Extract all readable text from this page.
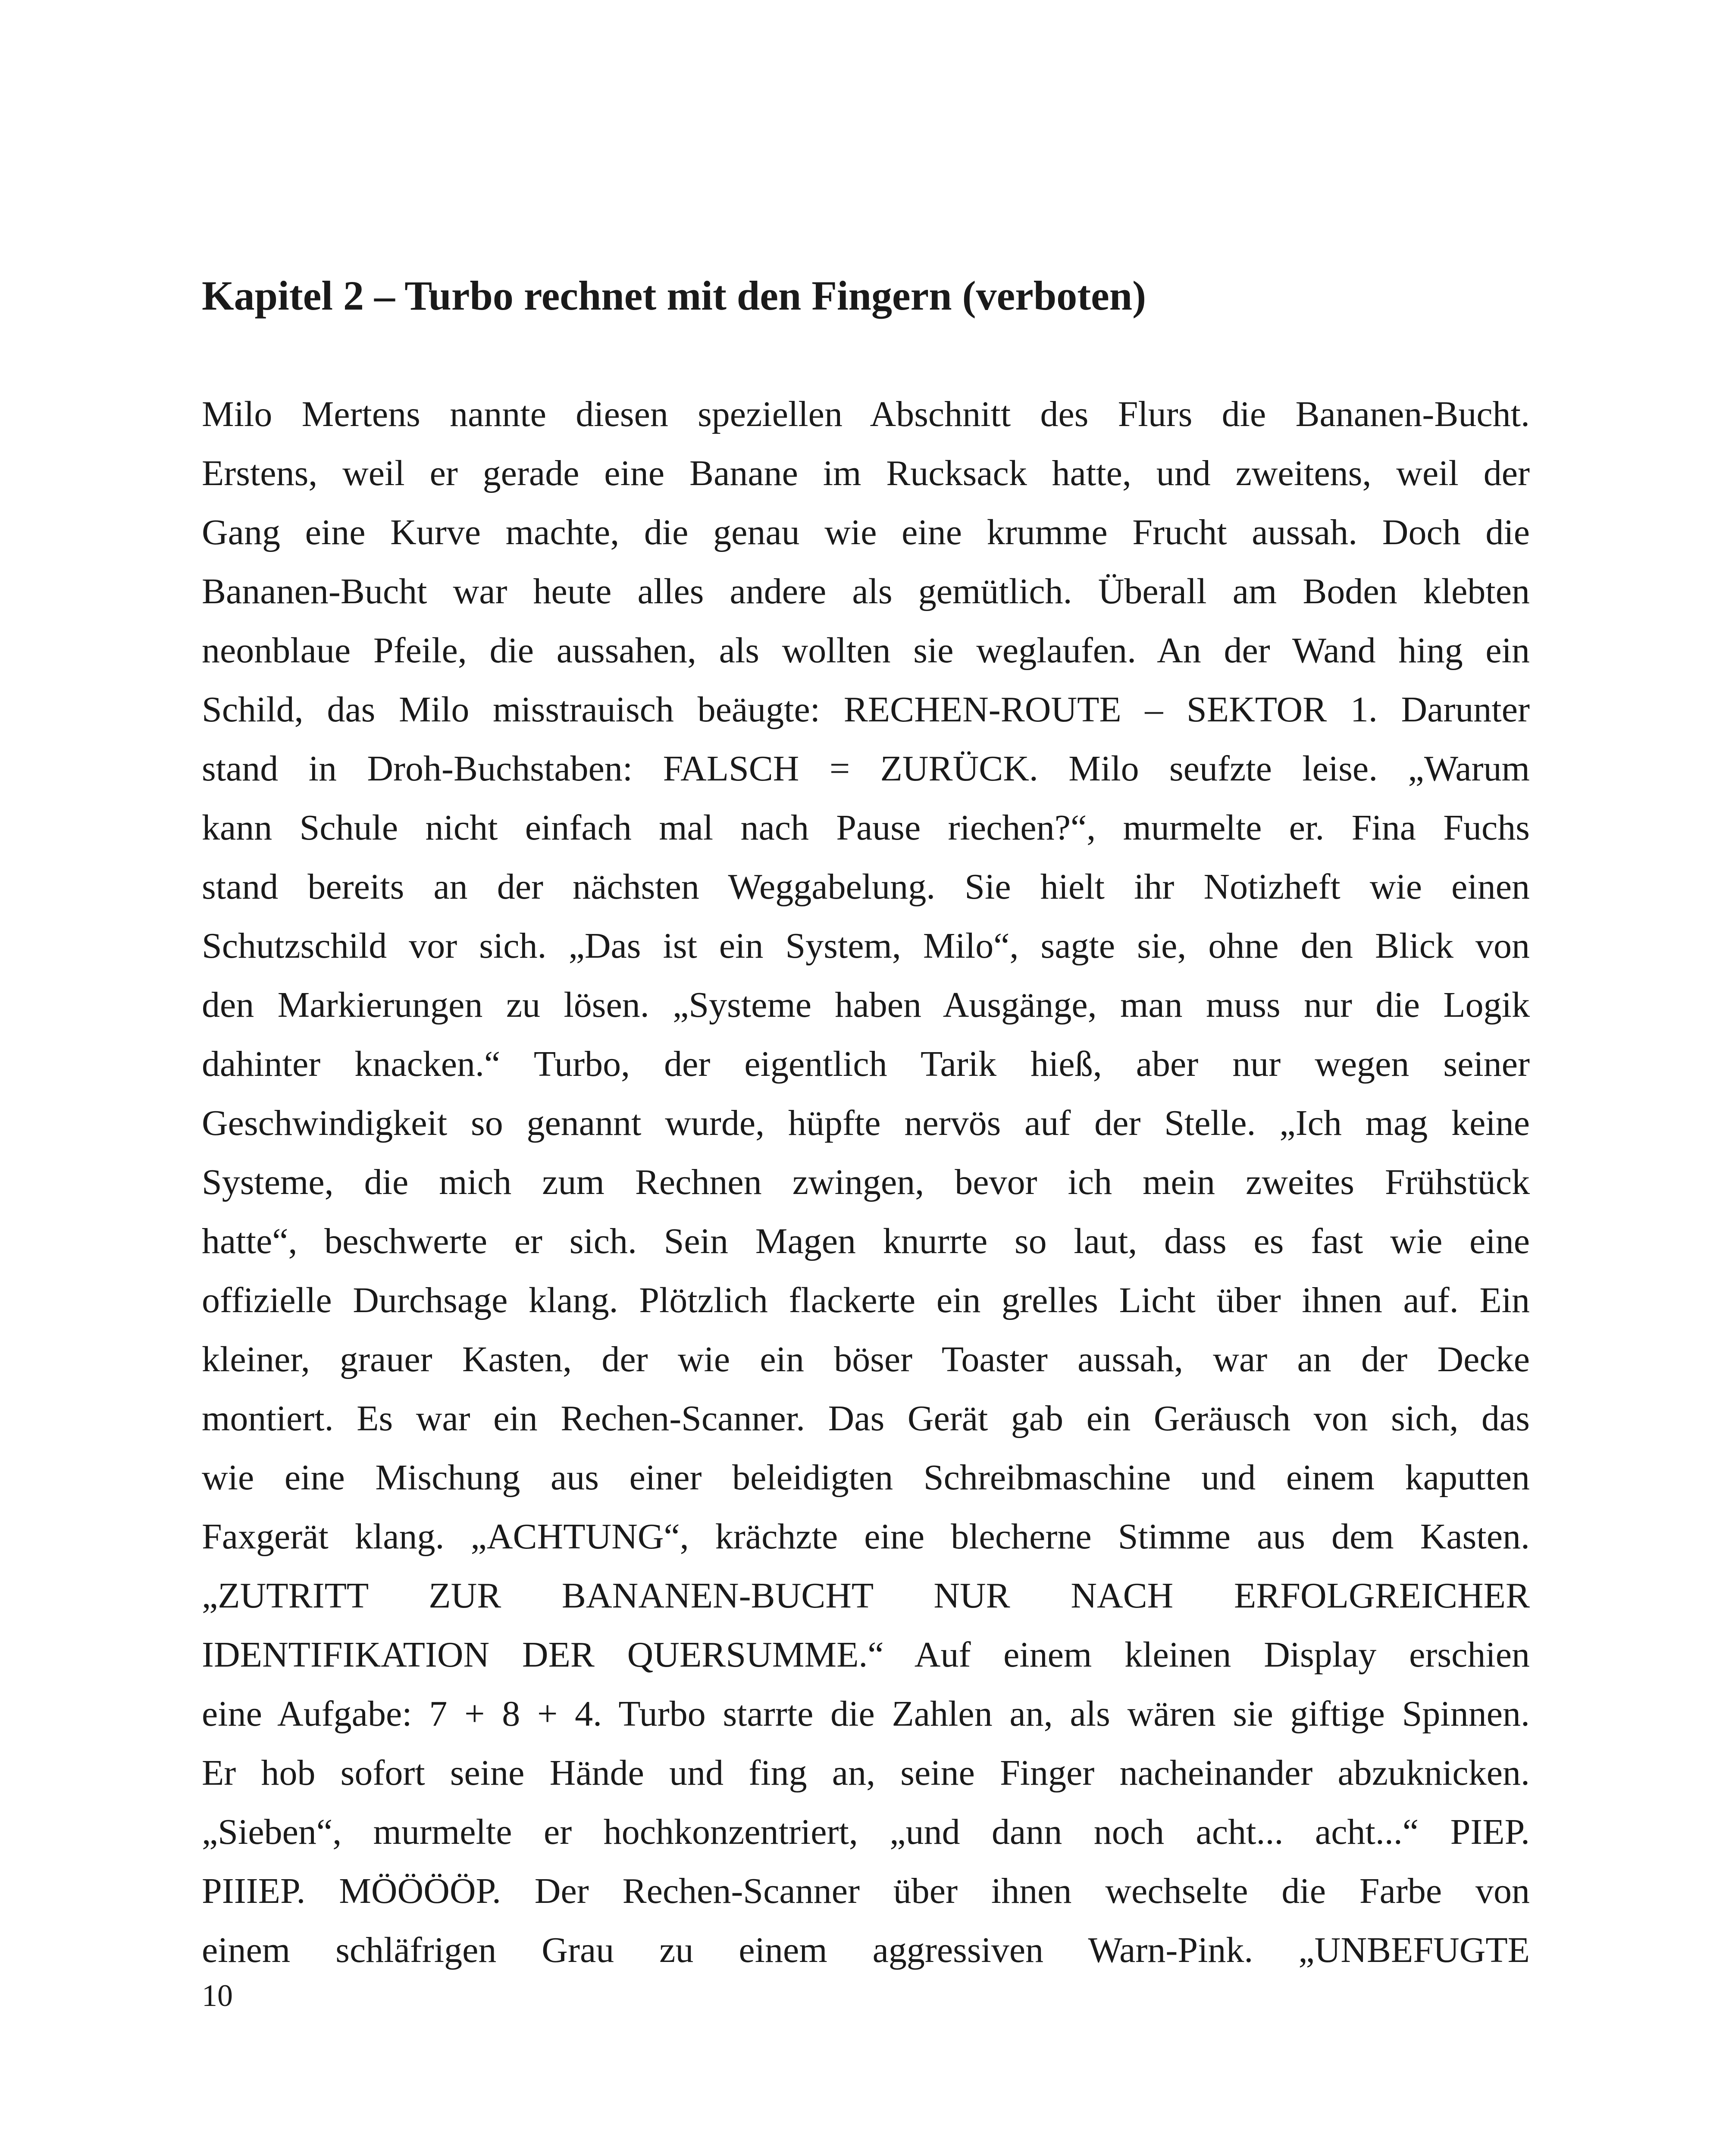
Kapitel 2 – Turbo rechnet mit den Fingern (verboten)
Milo Mertens nannte diesen speziellen Abschnitt des Flurs die Bananen-Bucht.
Erstens, weil er gerade eine Banane im Rucksack hatte, und zweitens, weil der
Gang eine Kurve machte, die genau wie eine krumme Frucht aussah. Doch die
Bananen-Bucht war heute alles andere als gemütlich. Überall am Boden klebten
neonblaue Pfeile, die aussahen, als wollten sie weglaufen. An der Wand hing ein
Schild, das Milo misstrauisch beäugte: RECHEN-ROUTE – SEKTOR 1. Darunter
stand in Droh-Buchstaben: FALSCH = ZURÜCK. Milo seufzte leise. „Warum
kann Schule nicht einfach mal nach Pause riechen?“, murmelte er. Fina Fuchs
stand bereits an der nächsten Weggabelung. Sie hielt ihr Notizheft wie einen
Schutzschild vor sich. „Das ist ein System, Milo“, sagte sie, ohne den Blick von
den Markierungen zu lösen. „Systeme haben Ausgänge, man muss nur die Logik
dahinter knacken.“ Turbo, der eigentlich Tarik hieß, aber nur wegen seiner
Geschwindigkeit so genannt wurde, hüpfte nervös auf der Stelle. „Ich mag keine
Systeme, die mich zum Rechnen zwingen, bevor ich mein zweites Frühstück
hatte“, beschwerte er sich. Sein Magen knurrte so laut, dass es fast wie eine
offizielle Durchsage klang. Plötzlich flackerte ein grelles Licht über ihnen auf. Ein
kleiner, grauer Kasten, der wie ein böser Toaster aussah, war an der Decke
montiert. Es war ein Rechen-Scanner. Das Gerät gab ein Geräusch von sich, das
wie eine Mischung aus einer beleidigten Schreibmaschine und einem kaputten
Faxgerät klang. „ACHTUNG“, krächzte eine blecherne Stimme aus dem Kasten.
„ZUTRITT ZUR BANANEN-BUCHT NUR NACH ERFOLGREICHER
IDENTIFIKATION DER QUERSUMME.“ Auf einem kleinen Display erschien
eine Aufgabe: 7 + 8 + 4. Turbo starrte die Zahlen an, als wären sie giftige Spinnen.
Er hob sofort seine Hände und fing an, seine Finger nacheinander abzuknicken.
„Sieben“, murmelte er hochkonzentriert, „und dann noch acht... acht...“ PIEP.
PIIIEP. MÖÖÖÖP. Der Rechen-Scanner über ihnen wechselte die Farbe von
einem schläfrigen Grau zu einem aggressiven Warn-Pink. „UNBEFUGTE
10
